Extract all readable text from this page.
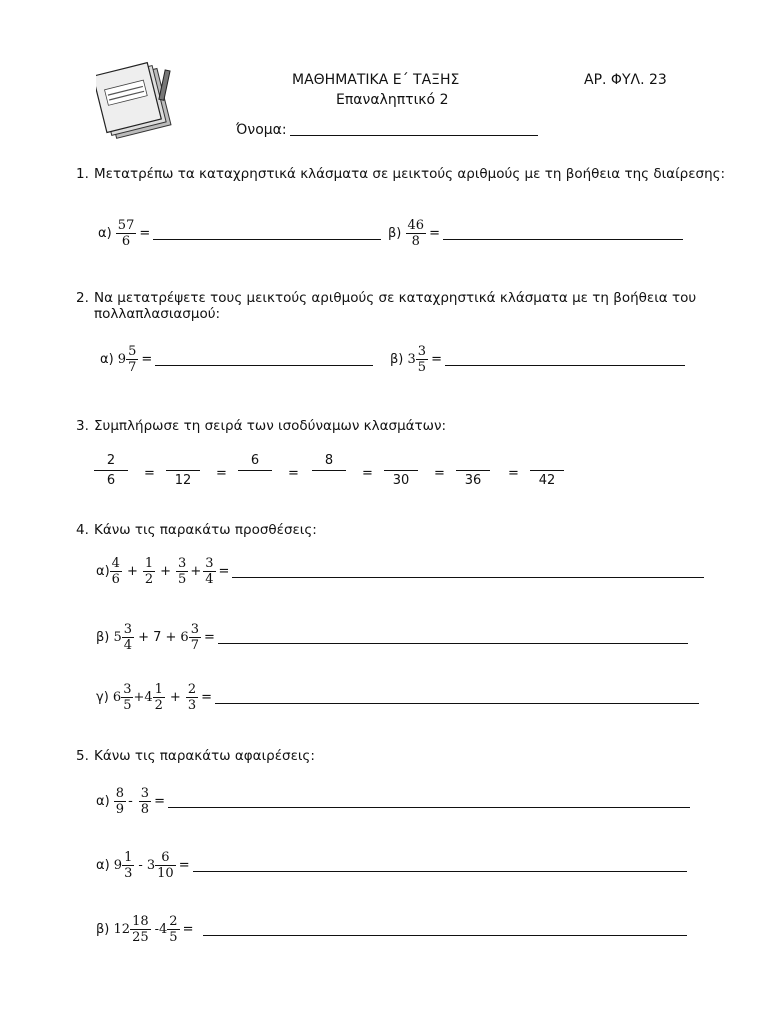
ΜΑΘΗΜΑΤΙΚΑ Ε΄ ΤΑΞΗΣ	ΑΡ. ΦΥΛ. 23
Επαναληπτικό 2
Όνομα:
1. Μετατρέπω τα καταχρηστικά κλάσματα σε μεικτούς αριθμούς με τη βοήθεια της διαίρεσης:
α)
$\frac{57}{6}$ =	β)
$\frac{46}{8}$ =
2. Να μετατρέψετε τους μεικτούς αριθμούς σε καταχρηστικά κλάσματα με τη βοήθεια του πολλαπλασιασμού:
α)
$9 \frac{5}{7}$ =	β)
$3 \frac{3}{5}$ =
3. Συμπλήρωσε τη σειρά των ισοδύναμων κλασμάτων:
2
6 = 12 =
6
=
8
= 30 = 36 = 42
4. Κάνω τις παρακάτω προσθέσεις:
$\alpha) \frac{4}{6} + \frac{1}{2} + \frac{3}{5} + \frac{3}{4}$ =
β)
$5 \frac{3}{4} + 7 + 6 \frac{3}{7}$ =
γ)
$6 \frac{3}{5} +4 \frac{1}{2} + \frac{2}{3}$ =
5. Κάνω τις παρακάτω αφαιρέσεις:
α)
$\frac{8}{9} - \frac{3}{8}$ =
α)
$9 \frac{1}{3} - 3 \frac{6}{10}$ =
β)
$12 \frac{18}{25} -4 \frac{2}{5}$ =
